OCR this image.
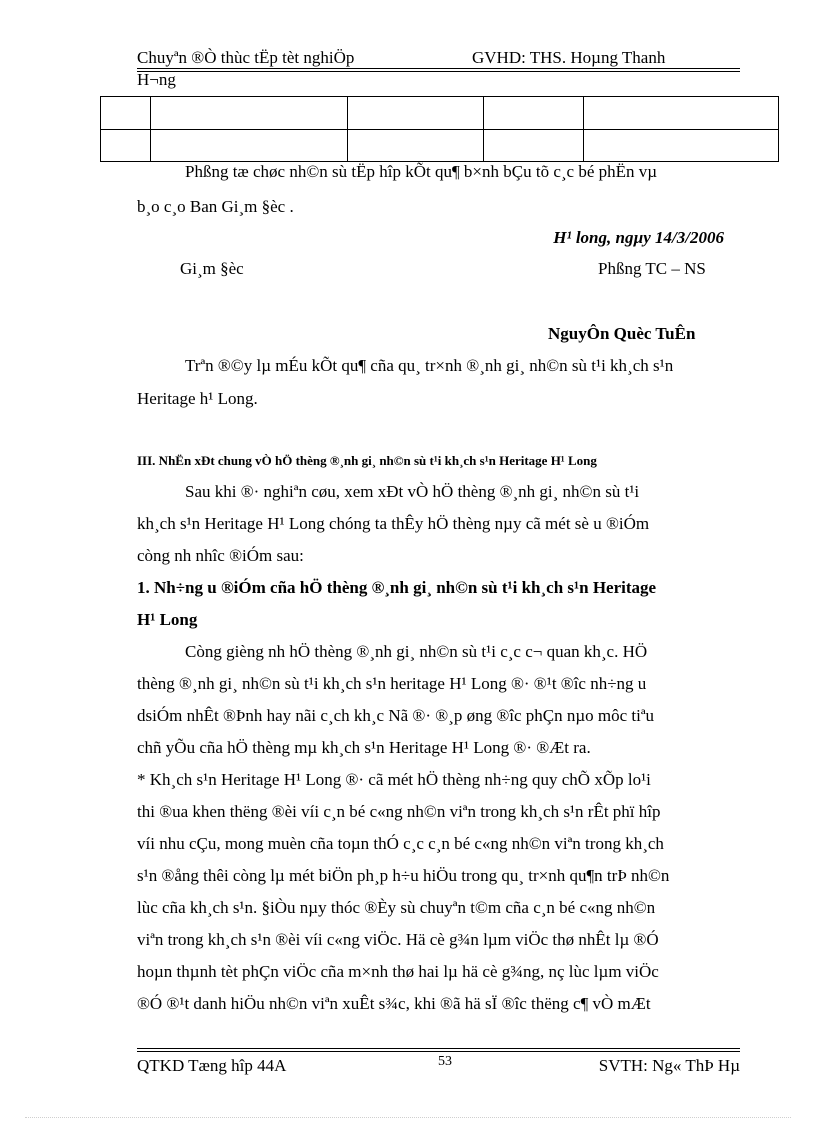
Chuyªn ®Ò thùc tËp tèt nghiÖp	GVHD: THS. Hoµng Thanh
H¬ng

Phßng tæ chøc nh©n sù tËp hîp kÕt qu¶ b×nh bÇu tõ c¸c bé phËn vµ
b¸o c¸o Ban Gi¸m §èc .
H¹ long, ngµy 14/3/2006
Gi¸m §èc	Phßng TC – NS
NguyÔn Quèc TuÊn
Trªn ®©y lµ mÉu kÕt qu¶ cña qu¸ tr×nh ®¸nh gi¸ nh©n sù t¹i kh¸ch s¹n
Heritage h¹ Long.
III. NhËn xÐt chung vÒ hÖ thèng ®¸nh gi¸ nh©n sù t¹i kh¸ch s¹n Heritage H¹ Long
Sau khi ®· nghiªn cøu, xem xÐt vÒ hÖ thèng ®¸nh gi¸ nh©n sù t¹i
kh¸ch s¹n Heritage H¹ Long chóng ta thÊy hÖ thèng nµy cã mét sè u ®iÓm
còng nh nhîc ®iÓm sau:
1. Nh÷ng u ®iÓm cña hÖ thèng ®¸nh gi¸ nh©n sù t¹i kh¸ch s¹n Heritage
H¹ Long
Còng gièng nh hÖ thèng ®¸nh gi¸ nh©n sù t¹i c¸c c¬ quan kh¸c. HÖ
thèng ®¸nh gi¸ nh©n sù t¹i kh¸ch s¹n heritage H¹ Long ®· ®¹t ®îc nh÷ng u
dsiÓm nhÊt ®Þnh hay nãi c¸ch kh¸c Nã ®· ®¸p øng ®îc phÇn nµo môc tiªu
chñ yÕu cña hÖ thèng mµ kh¸ch s¹n Heritage H¹ Long ®· ®Æt ra.
* Kh¸ch s¹n Heritage H¹ Long ®· cã mét hÖ thèng nh÷ng quy chÕ xÕp lo¹i
thi ®ua khen thëng ®èi víi c¸n bé c«ng nh©n viªn trong kh¸ch s¹n rÊt phï hîp
víi nhu cÇu, mong muèn cña toµn thÓ c¸c c¸n bé c«ng nh©n viªn trong kh¸ch
s¹n ®ång thêi còng lµ mét biÖn ph¸p h÷u hiÖu trong qu¸ tr×nh qu¶n trÞ nh©n
lùc cña kh¸ch s¹n. §iÒu nµy thóc ®Èy sù chuyªn t©m cña c¸n bé c«ng nh©n
viªn trong kh¸ch s¹n ®èi víi c«ng viÖc. Hä cè g¾n lµm viÖc thø nhÊt lµ ®Ó
hoµn thµnh tèt phÇn viÖc cña m×nh thø hai lµ hä cè g¾ng, nç lùc lµm viÖc
®Ó ®¹t danh hiÖu nh©n viªn xuÊt s¾c, khi ®ã hä sÏ ®îc thëng c¶ vÒ mÆt
QTKD Tæng hîp 44A	53	SVTH: Ng« ThÞ Hµ
